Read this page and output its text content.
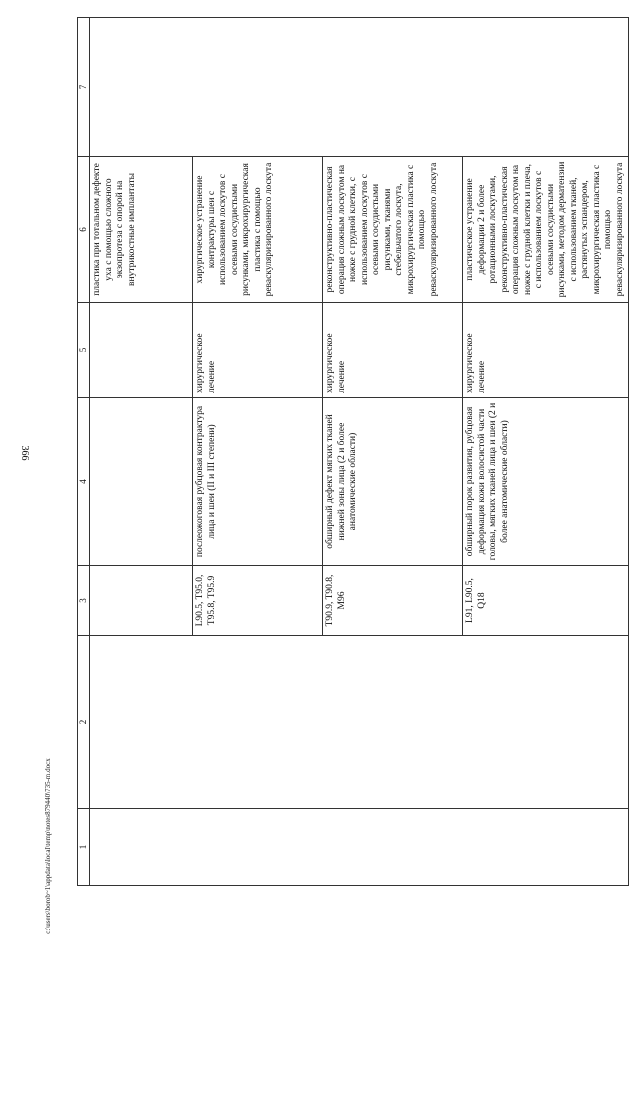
366
c:\users\borob~1\appdata\local\temp\notes879440\735-m.docx	1	2	3	4	5	6	7
					пластика при тотальном дефекте уха с помощью сложного экзопротеза с опорой на внутрикостные имплантаты	
		L90.5, T95.0, T95.8, T95.9	послеожоговая рубцовая контрактура лица и шеи (II и III степени)	хирургическое лечение	хирургическое устранение контрактуры шеи с использованием лоскутов с осевыми сосудистыми рисунками, микрохирургическая пластика с помощью реваскуляризированного лоскута	
		T90.9, T90.8, M96	обширный дефект мягких тканей нижней зоны лица (2 и более анатомические области)	хирургическое лечение	реконструктивно-пластическая операция сложным лоскутом на ножке с грудной клетки, с использованием лоскутов с осевыми сосудистыми рисунками, тканями стебельчатого лоскута, микрохирургическая пластика с помощью реваскуляризированного лоскута	
		L91, L90.5, Q18	обширный порок развития, рубцовая деформация кожи волосистой части головы, мягких тканей лица и шеи (2 и более анатомические области)	хирургическое лечение	пластическое устранение деформации 2 и более ротационными лоскутами, реконструктивно-пластическая операция сложным лоскутом на ножке с грудной клетки и плеча, с использованием лоскутов с осевыми сосудистыми рисунками, методом дерматензии с использованием тканей, растянутых эспандером, микрохирургическая пластика с помощью реваскуляризированного лоскута	
